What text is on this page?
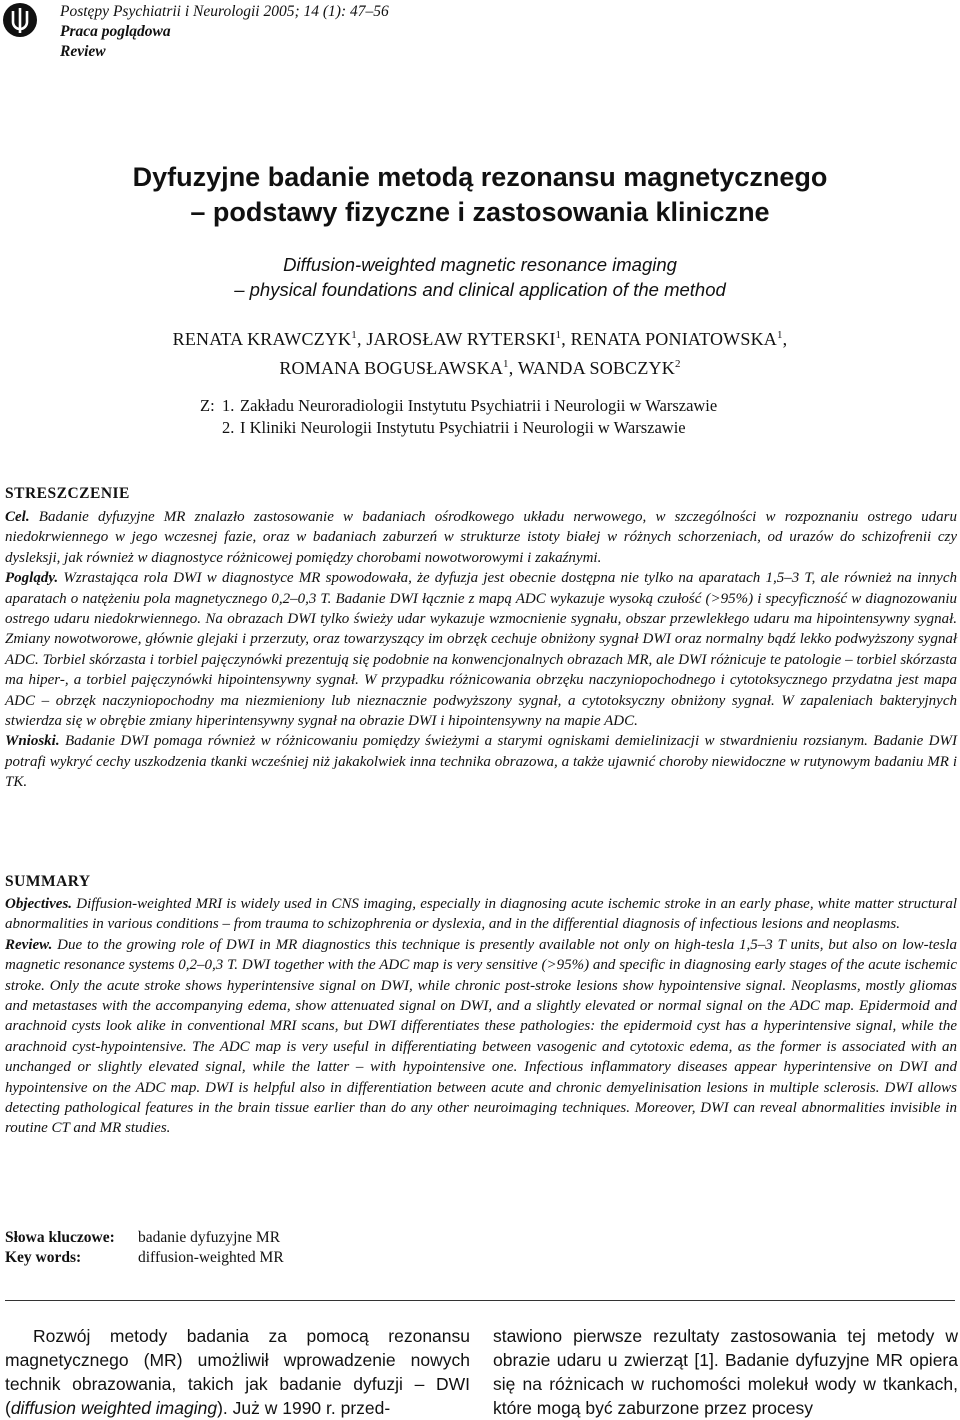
Postępy Psychiatrii i Neurologii 2005; 14 (1): 47–56
Praca poglądowa
Review
Dyfuzyjne badanie metodą rezonansu magnetycznego
– podstawy fizyczne i zastosowania kliniczne
Diffusion-weighted magnetic resonance imaging
– physical foundations and clinical application of the method
RENATA KRAWCZYK$^1$, JAROSŁAW RYTERSKI$^1$, RENATA PONIATOWSKA$^1$,
ROMANA BOGUSŁAWSKA$^1$, WANDA SOBCZYK$^2$
Z: 1. Zakładu Neuroradiologii Instytutu Psychiatrii i Neurologii w Warszawie
2. I Kliniki Neurologii Instytutu Psychiatrii i Neurologii w Warszawie
STRESZCZENIE

Cel. Badanie dyfuzyjne MR znalazło zastosowanie w badaniach ośrodkowego układu nerwowego, w szczególności w rozpoznaniu ostrego udaru niedokrwiennego w jego wczesnej fazie, oraz w badaniach zaburzeń w strukturze istoty białej w różnych schorzeniach, od urazów do schizofrenii czy dysleksji, jak również w diagnostyce różnicowej pomiędzy chorobami nowotworowymi i zakaźnymi.

Poglądy. Wzrastająca rola DWI w diagnostyce MR spowodowała, że dyfuzja jest obecnie dostępna nie tylko na aparatach 1,5–3 T, ale również na innych aparatach o natężeniu pola magnetycznego 0,2–0,3 T. Badanie DWI łącznie z mapą ADC wykazuje wysoką czułość (>95%) i specyficzność w diagnozowaniu ostrego udaru niedokrwiennego. Na obrazach DWI tylko świeży udar wykazuje wzmocnienie sygnału, obszar przewlekłego udaru ma hipointensywny sygnał. Zmiany nowotworowe, głównie glejaki i przerzuty, oraz towarzyszący im obrzęk cechuje obniżony sygnał DWI oraz normalny bądź lekko podwyższony sygnał ADC. Torbiel skórzasta i torbiel pajęczynówki prezentują się podobnie na konwencjonalnych obrazach MR, ale DWI różnicuje te patologie – torbiel skórzasta ma hiper-, a torbiel pajęczynówki hipointensywny sygnał. W przypadku różnicowania obrzęku naczyniopochodnego i cytotoksycznego przydatna jest mapa ADC – obrzęk naczyniopochodny ma niezmieniony lub nieznacznie podwyższony sygnał, a cytotoksyczny obniżony sygnał. W zapaleniach bakteryjnych stwierdza się w obrębie zmiany hiperintensywny sygnał na obrazie DWI i hipointensywny na mapie ADC.

Wnioski. Badanie DWI pomaga również w różnicowaniu pomiędzy świeżymi a starymi ogniskami demielinizacji w stwardnieniu rozsianym. Badanie DWI potrafi wykryć cechy uszkodzenia tkanki wcześniej niż jakakolwiek inna technika obrazowa, a także ujawnić choroby niewidoczne w rutynowym badaniu MR i TK.

SUMMARY

Objectives. Diffusion-weighted MRI is widely used in CNS imaging, especially in diagnosing acute ischemic stroke in an early phase, white matter structural abnormalities in various conditions – from trauma to schizophrenia or dyslexia, and in the differential diagnosis of infectious lesions and neoplasms.

Review. Due to the growing role of DWI in MR diagnostics this technique is presently available not only on high-tesla 1,5–3 T units, but also on low-tesla magnetic resonance systems 0,2–0,3 T. DWI together with the ADC map is very sensitive (>95%) and specific in diagnosing early stages of the acute ischemic stroke. Only the acute stroke shows hyperintensive signal on DWI, while chronic post-stroke lesions show hypointensive signal. Neoplasms, mostly gliomas and metastases with the accompanying edema, show attenuated signal on DWI, and a slightly elevated or normal signal on the ADC map. Epidermoid and arachnoid cysts look alike in conventional MRI scans, but DWI differentiates these pathologies: the epidermoid cyst has a hyperintensive signal, while the arachnoid cyst-hypointensive. The ADC map is very useful in differentiating between vasogenic and cytotoxic edema, as the former is associated with an unchanged or slightly elevated signal, while the latter – with hypointensive one. Infectious inflammatory diseases appear hyperintensive on DWI and hypointensive on the ADC map. DWI is helpful also in differentiation between acute and chronic demyelinisation lesions in multiple sclerosis. DWI allows detecting pathological features in the brain tissue earlier than do any other neuroimaging techniques. Moreover, DWI can reveal abnormalities invisible in routine CT and MR studies.

Słowa kluczowe: badanie dyfuzyjne MR
Key words:	diffusion-weighted MR

Rozwój metody badania za pomocą rezonansu magnetycznego (MR) umożliwił wprowadzenie nowych technik obrazowania, takich jak badanie dyfuzji – DWI (diffusion weighted imaging). Już w 1990 r. przed-

stawiono pierwsze rezultaty zastosowania tej metody w obrazie udaru u zwierząt [1]. Badanie dyfuzyjne MR opiera się na różnicach w ruchomości molekuł wody w tkankach, które mogą być zaburzone przez procesy
